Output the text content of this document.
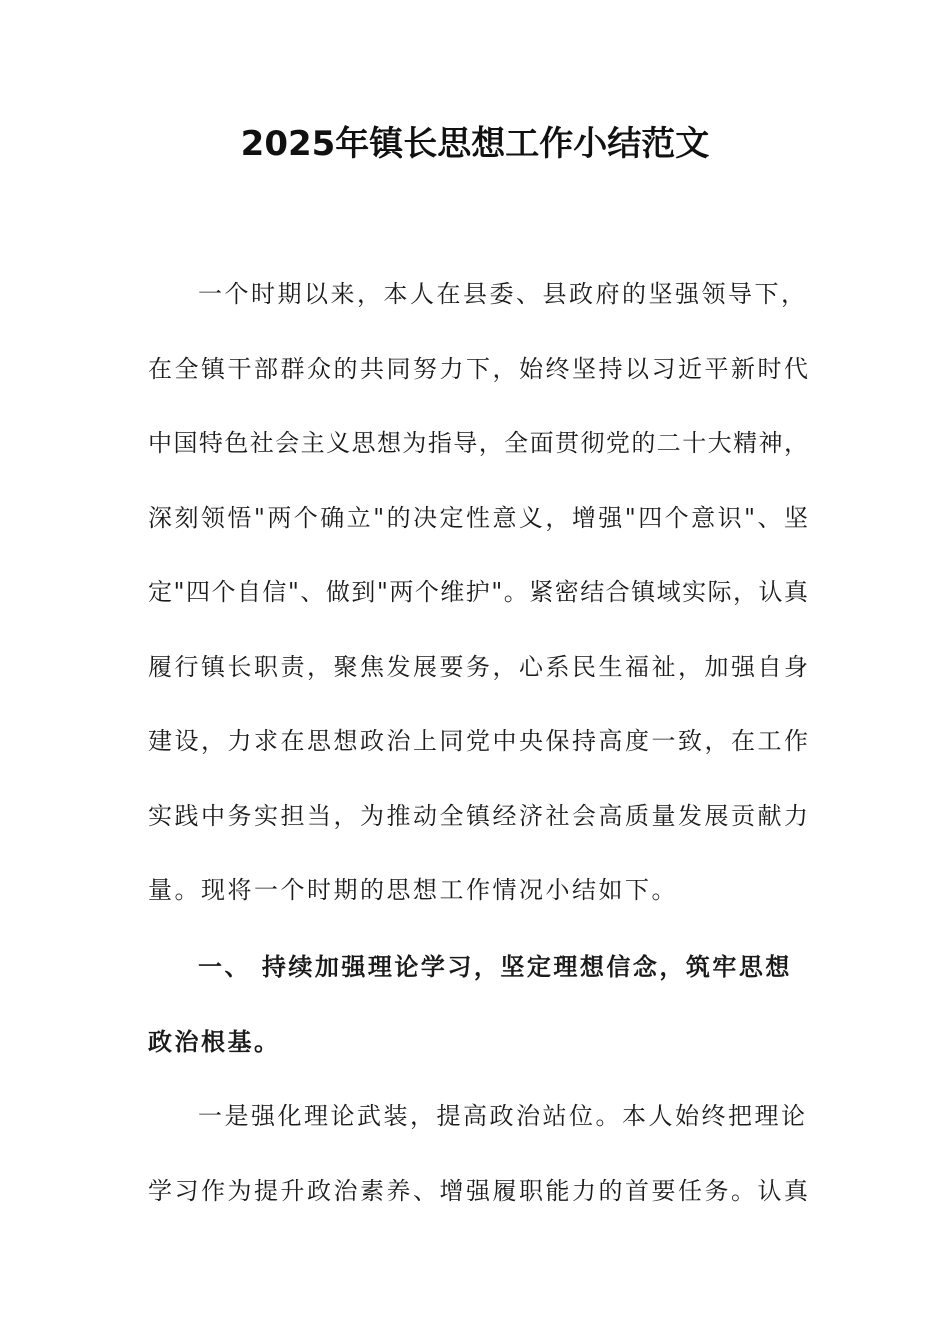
2025年镇长思想工作小结范文
一个时期以来，本人在县委、县政府的坚强领导下，
在全镇干部群众的共同努力下，始终坚持以习近平新时代
中国特色社会主义思想为指导，全面贯彻党的二十大精神，
深刻领悟"两个确立"的决定性意义，增强"四个意识"、坚
定"四个自信"、做到"两个维护"。紧密结合镇域实际，认真
履行镇长职责，聚焦发展要务，心系民生福祉，加强自身
建设，力求在思想政治上同党中央保持高度一致，在工作
实践中务实担当，为推动全镇经济社会高质量发展贡献力
量。现将一个时期的思想工作情况小结如下。
一、 持续加强理论学习，坚定理想信念，筑牢思想
政治根基。
一是强化理论武装，提高政治站位。本人始终把理论
学习作为提升政治素养、增强履职能力的首要任务。认真
